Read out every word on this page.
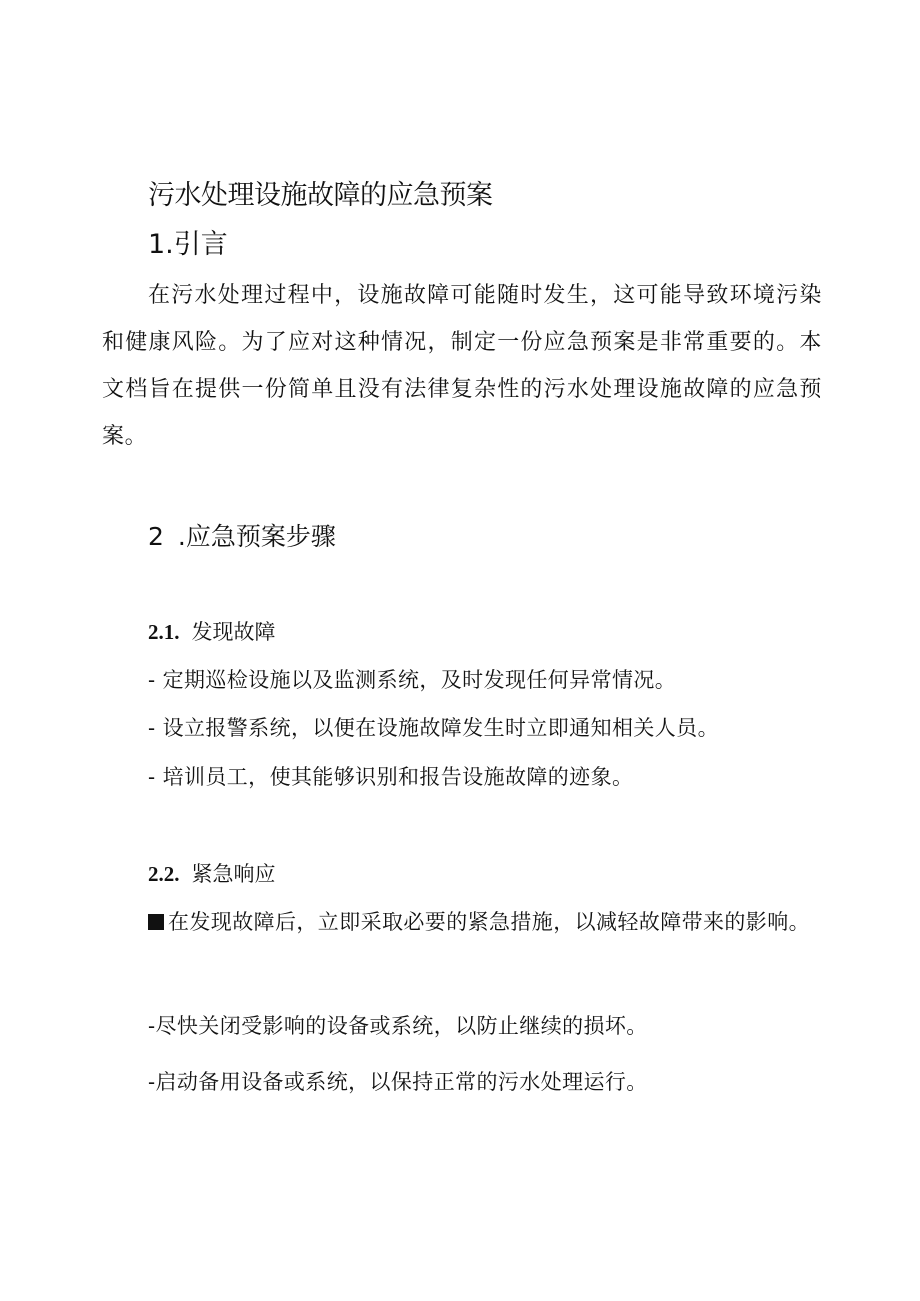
污水处理设施故障的应急预案
1.引言

在污水处理过程中，设施故障可能随时发生，这可能导致环境污染和健康风险。为了应对这种情况，制定一份应急预案是非常重要的。本文档旨在提供一份简单且没有法律复杂性的污水处理设施故障的应急预案。

2 .应急预案步骤
2.1. 发现故障
- 定期巡检设施以及监测系统，及时发现任何异常情况。
- 设立报警系统，以便在设施故障发生时立即通知相关人员。
- 培训员工，使其能够识别和报告设施故障的迹象。
2.2. 紧急响应

在发现故障后，立即采取必要的紧急措施，以减轻故障带来的影响。

-尽快关闭受影响的设备或系统，以防止继续的损坏。
-启动备用设备或系统，以保持正常的污水处理运行。
